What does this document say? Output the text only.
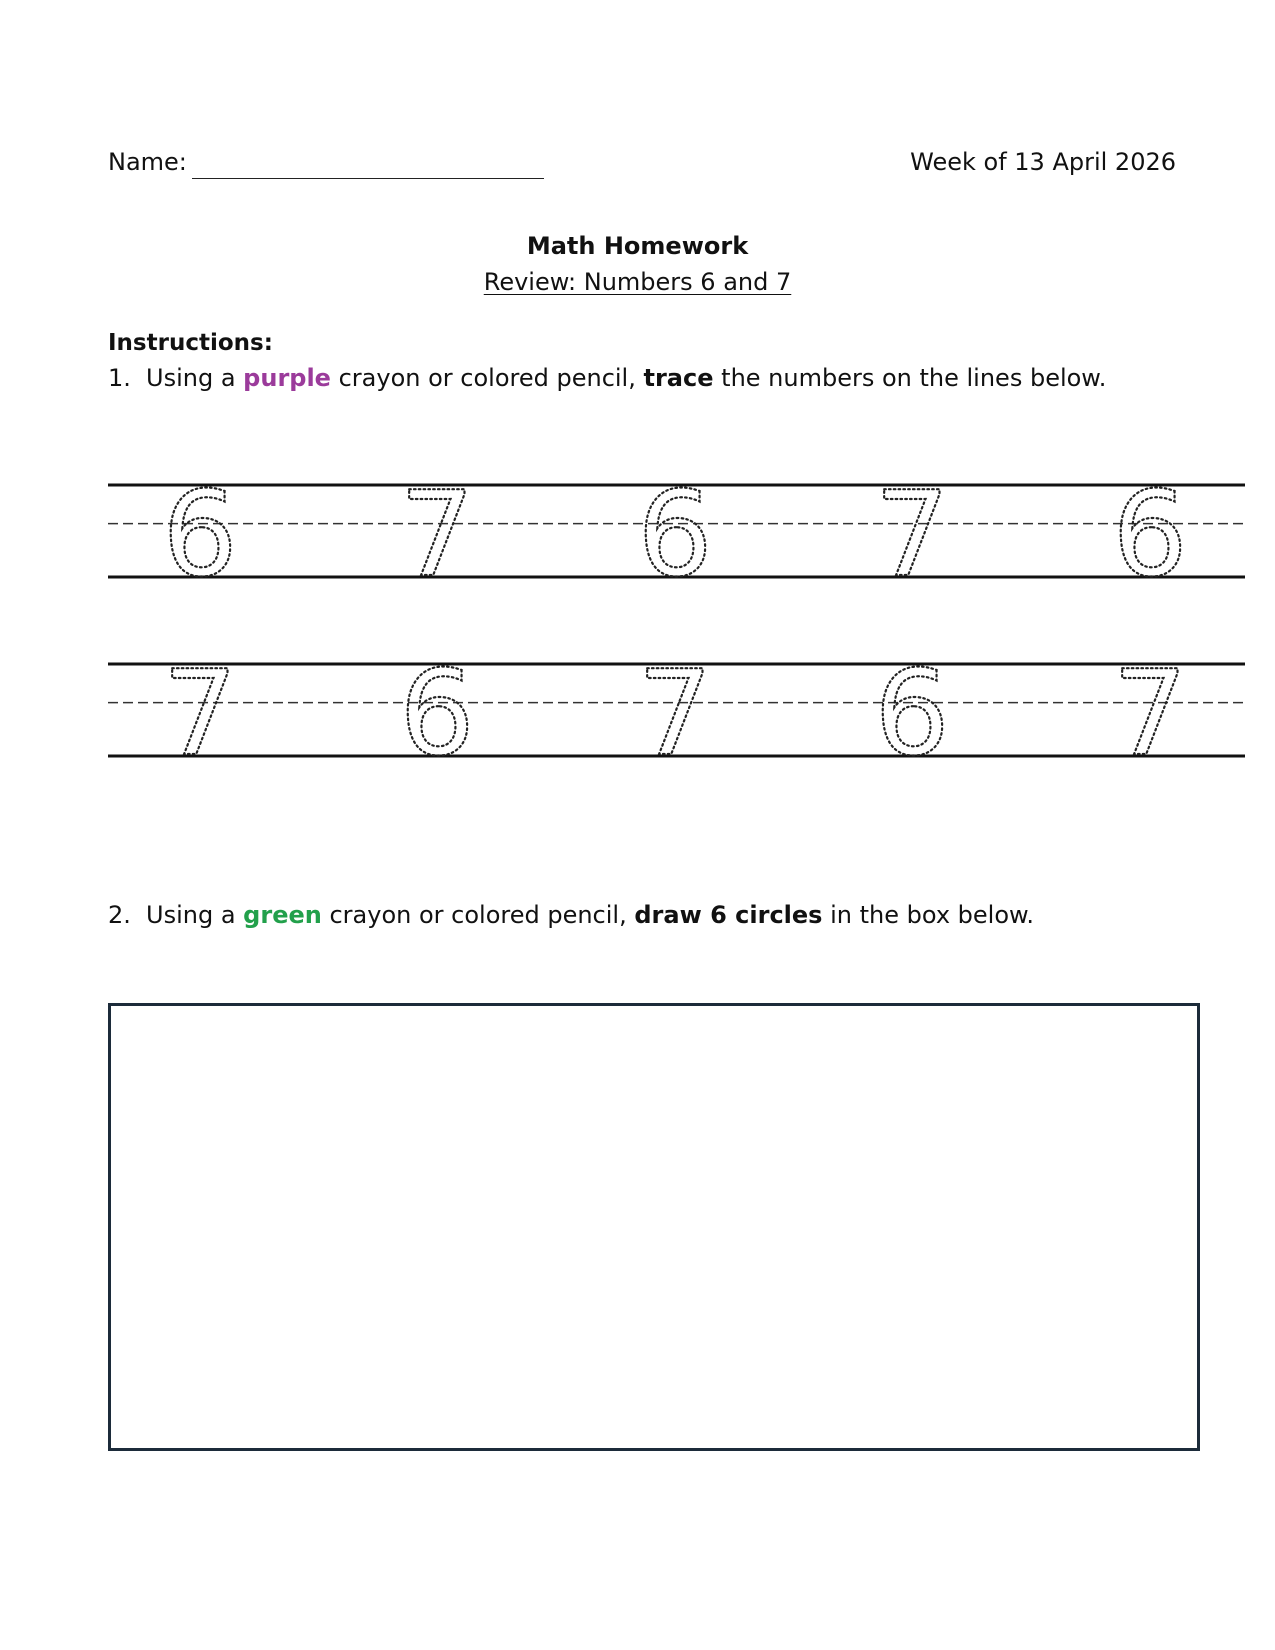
Name:	Week of 13 April 2026
Math Homework
Review: Numbers 6 and 7
Instructions:
1. Using a purple crayon or colored pencil, trace the numbers on the lines below.
6 7 6 7 6
7 6 7 6 7
2. Using a green crayon or colored pencil, draw 6 circles in the box below.
